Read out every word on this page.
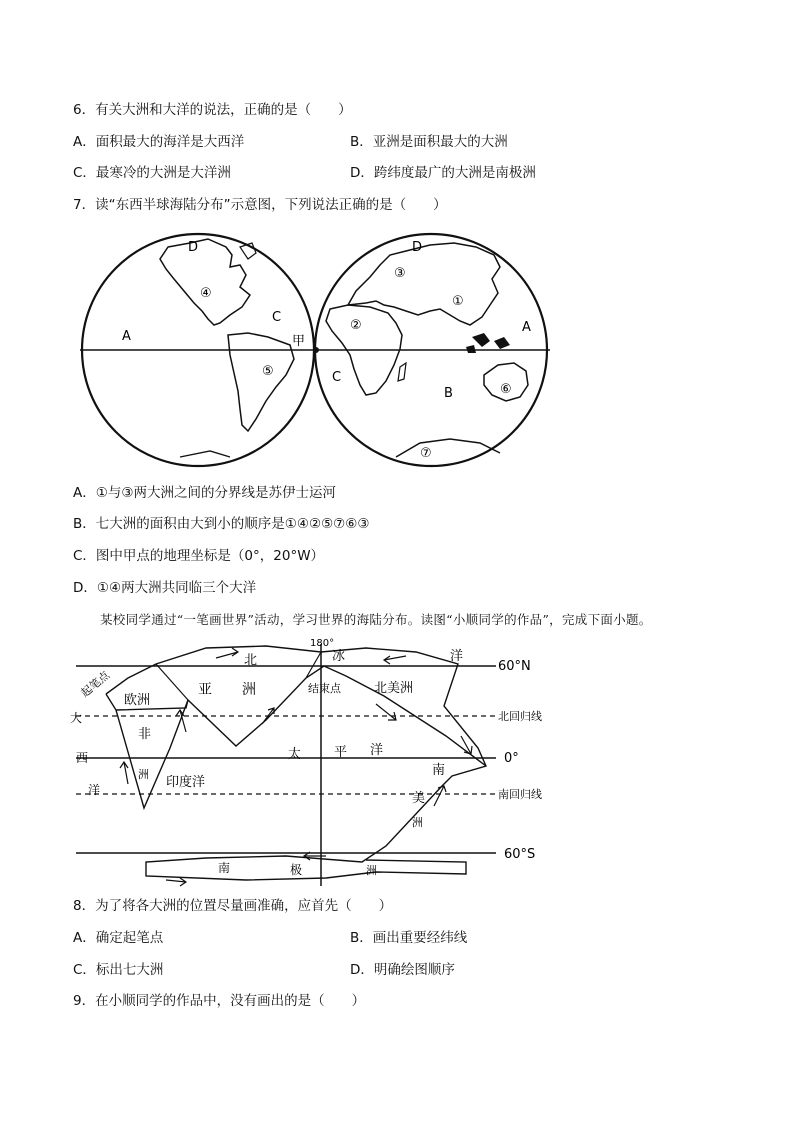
6．有关大洲和大洋的说法，正确的是（　　）
A．面积最大的海洋是大西洋	B．亚洲是面积最大的大洲
C．最寒冷的大洲是大洋洲	D．跨纬度最广的大洲是南极洲
7．读“东西半球海陆分布”示意图，下列说法正确的是（　　）
D
④
C
A	甲
⑤
D
③
①
②	A
C
B	⑥
⑦
A．①与③两大洲之间的分界线是苏伊士运河
B．七大洲的面积由大到小的顺序是①④②⑤⑦⑥③
C．图中甲点的地理坐标是（0°，20°W）
D．①④两大洲共同临三个大洋
某校同学通过“一笔画世界”活动，学习世界的海陆分布。读图“小顺同学的作品”，完成下面小题。
60°N
北回归线
0°
南回归线
60°S
180°
起笔点
欧洲
亚 洲
非
洲
结束点	北美洲
南
美
洲
南	极	洲
大
西
洋	印度洋
太	平 洋
北	冰	洋
8．为了将各大洲的位置尽量画准确，应首先（　　）
A．确定起笔点	B．画出重要经纬线
C．标出七大洲	D．明确绘图顺序
9．在小顺同学的作品中，没有画出的是（　　）
